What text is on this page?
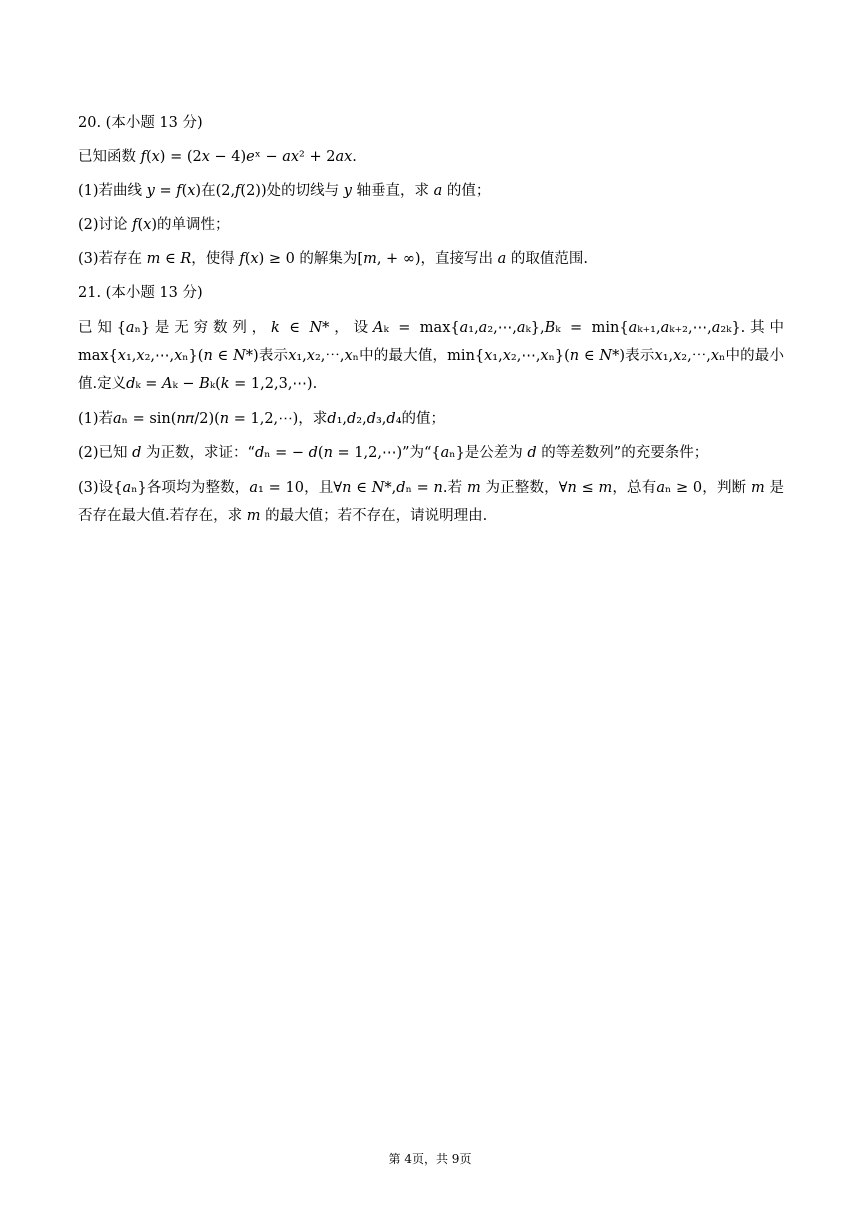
20. (本小题 13 分)

已知函数 𝑓(𝑥) = (2𝑥 − 4)𝑒ˣ − 𝑎𝑥² + 2𝑎𝑥.

(1)若曲线 𝑦 = 𝑓(𝑥)在(2,𝑓(2))处的切线与 𝑦 轴垂直，求 𝑎 的值；

(2)讨论 𝑓(𝑥)的单调性；

(3)若存在 𝑚 ∈ 𝑅，使得 𝑓(𝑥) ≥ 0 的解集为[𝑚, + ∞)，直接写出 𝑎 的取值范围.

21. (本小题 13 分)

已知{𝑎ₙ}是无穷数列，𝑘 ∈ 𝑁*，设𝐴ₖ = max{𝑎₁,𝑎₂,⋯,𝑎ₖ},𝐵ₖ = min{𝑎ₖ₊₁,𝑎ₖ₊₂,⋯,𝑎₂ₖ}.其中 max{𝑥₁,𝑥₂,⋯,𝑥ₙ}(𝑛 ∈ 𝑁*)表示𝑥₁,𝑥₂,⋯,𝑥ₙ中的最大值，min{𝑥₁,𝑥₂,⋯,𝑥ₙ}(𝑛 ∈ 𝑁*)表示𝑥₁,𝑥₂,⋯,𝑥ₙ中的最小值.定义𝑑ₖ = 𝐴ₖ − 𝐵ₖ(𝑘 = 1,2,3,⋯).

(1)若𝑎ₙ = sin(𝑛𝜋/2)(𝑛 = 1,2,⋯)，求𝑑₁,𝑑₂,𝑑₃,𝑑₄的值；

(2)已知 𝑑 为正数，求证：“𝑑ₙ = − 𝑑(𝑛 = 1,2,⋯)”为“{𝑎ₙ}是公差为 𝑑 的等差数列”的充要条件；

(3)设{𝑎ₙ}各项均为整数，𝑎₁ = 10，且∀𝑛 ∈ 𝑁*,𝑑ₙ = 𝑛.若 𝑚 为正整数，∀𝑛 ≤ 𝑚，总有𝑎ₙ ≥ 0，判断 𝑚 是否存在最大值.若存在，求 𝑚 的最大值；若不存在，请说明理由.

第 4页，共 9页
